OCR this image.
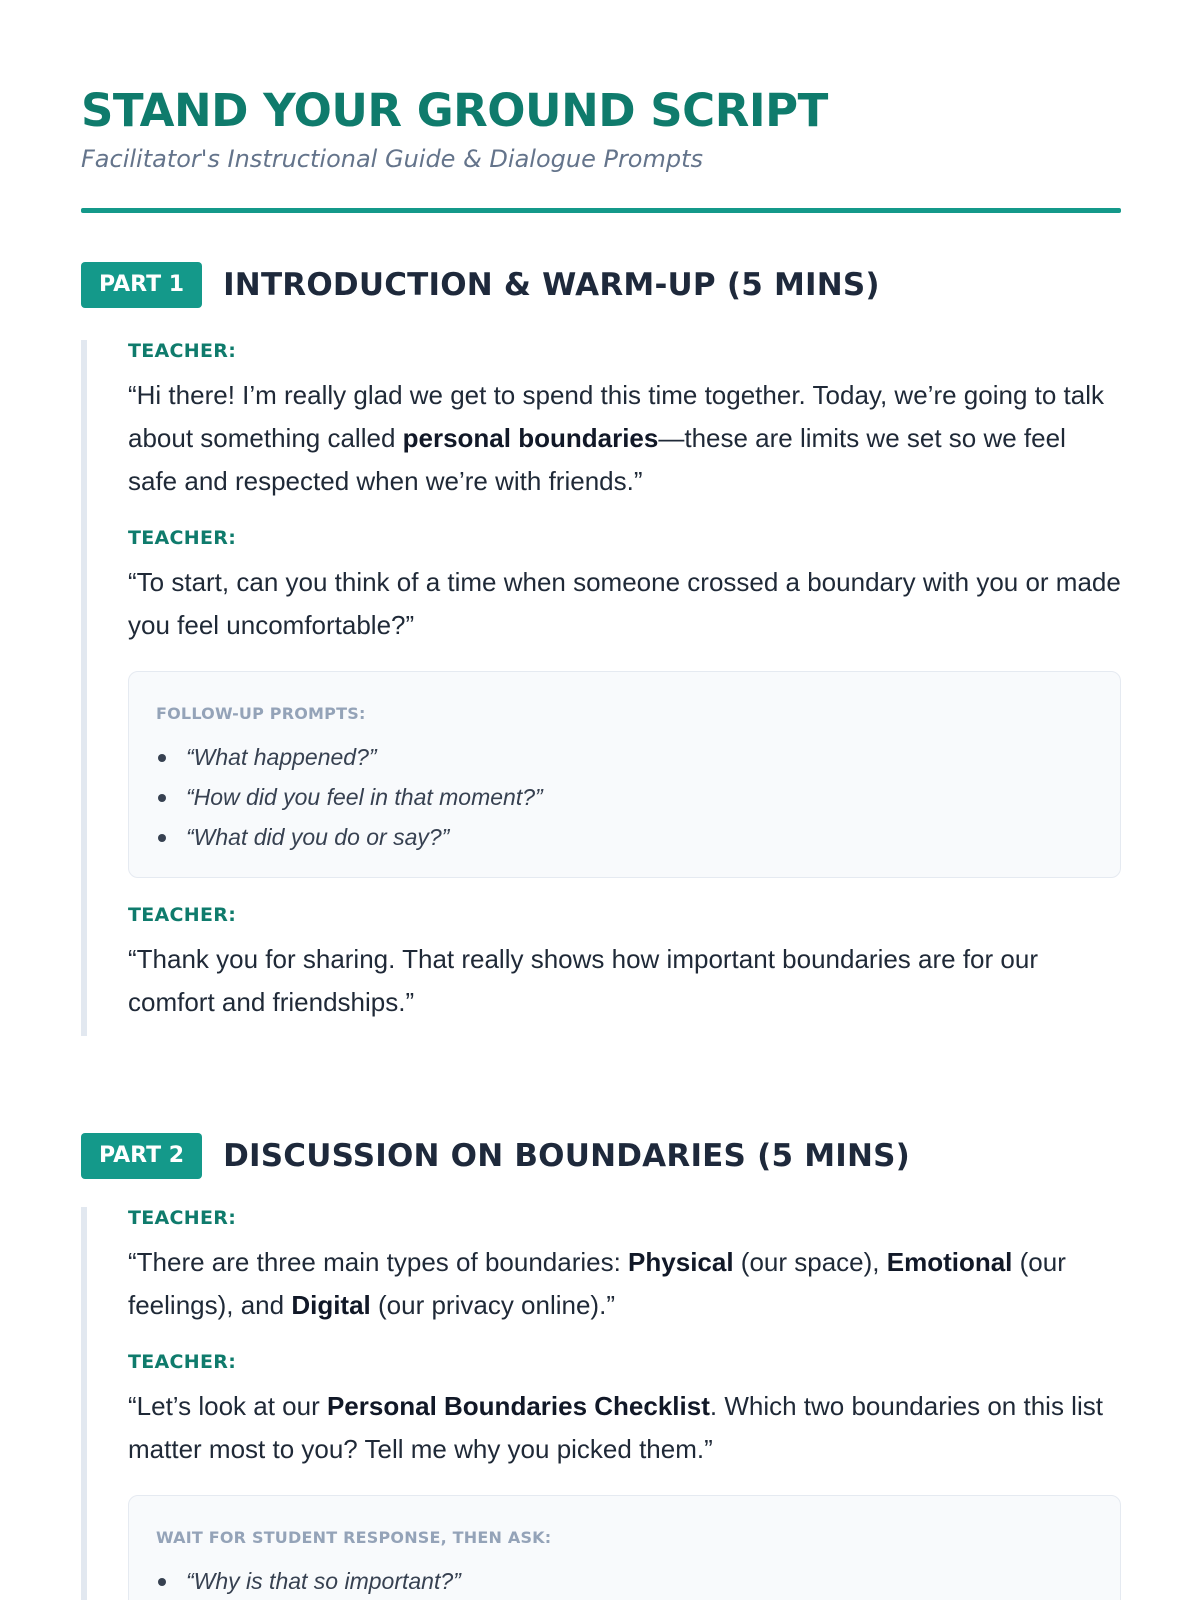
STAND YOUR GROUND SCRIPT
Facilitator's Instructional Guide & Dialogue Prompts
PART 1	INTRODUCTION & WARM-UP (5 MINS)
TEACHER:

“Hi there! I’m really glad we get to spend this time together. Today, we’re going to talk about something called personal boundaries—these are limits we set so we feel safe and respected when we’re with friends.”

TEACHER:

“To start, can you think of a time when someone crossed a boundary with you or made you feel uncomfortable?”

FOLLOW-UP PROMPTS:
“What happened?”
“How did you feel in that moment?”
“What did you do or say?”
TEACHER:

“Thank you for sharing. That really shows how important boundaries are for our comfort and friendships.”

PART 2	DISCUSSION ON BOUNDARIES (5 MINS)
TEACHER:

“There are three main types of boundaries: Physical (our space), Emotional (our feelings), and Digital (our privacy online).”

TEACHER:

“Let’s look at our Personal Boundaries Checklist. Which two boundaries on this list matter most to you? Tell me why you picked them.”

WAIT FOR STUDENT RESPONSE, THEN ASK:
“Why is that so important?”
